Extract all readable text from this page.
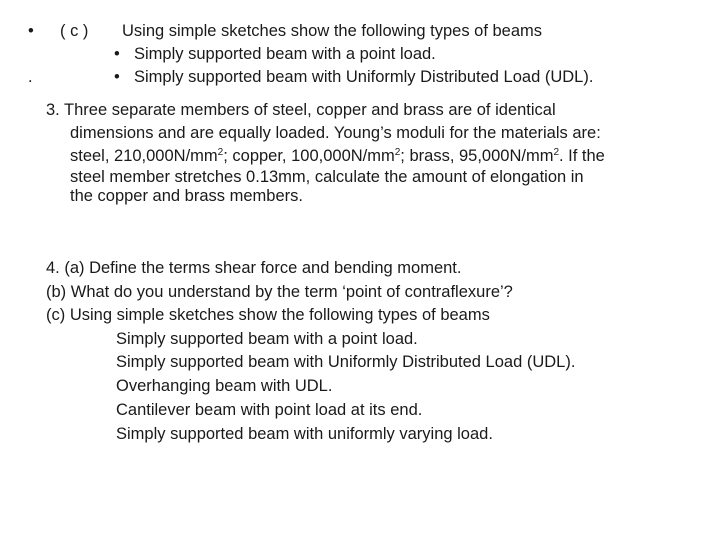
• ( c ) Using simple sketches show the following types of beams
• Simply supported beam with a point load.
.	• Simply supported beam with Uniformly Distributed Load (UDL).
3. Three separate members of steel, copper and brass are of identical
dimensions and are equally loaded. Young’s moduli for the materials are:
steel, $210,000N/mm^2$; copper, $100,000N/mm^2$; brass, $95,000N/mm^2$. If the
steel member stretches 0.13mm, calculate the amount of elongation in
the copper and brass members.
4. (a) Define the terms shear force and bending moment.
(b) What do you understand by the term ‘point of contraflexure’?
(c) Using simple sketches show the following types of beams
Simply supported beam with a point load.
Simply supported beam with Uniformly Distributed Load (UDL).
Overhanging beam with UDL.
Cantilever beam with point load at its end.
Simply supported beam with uniformly varying load.
